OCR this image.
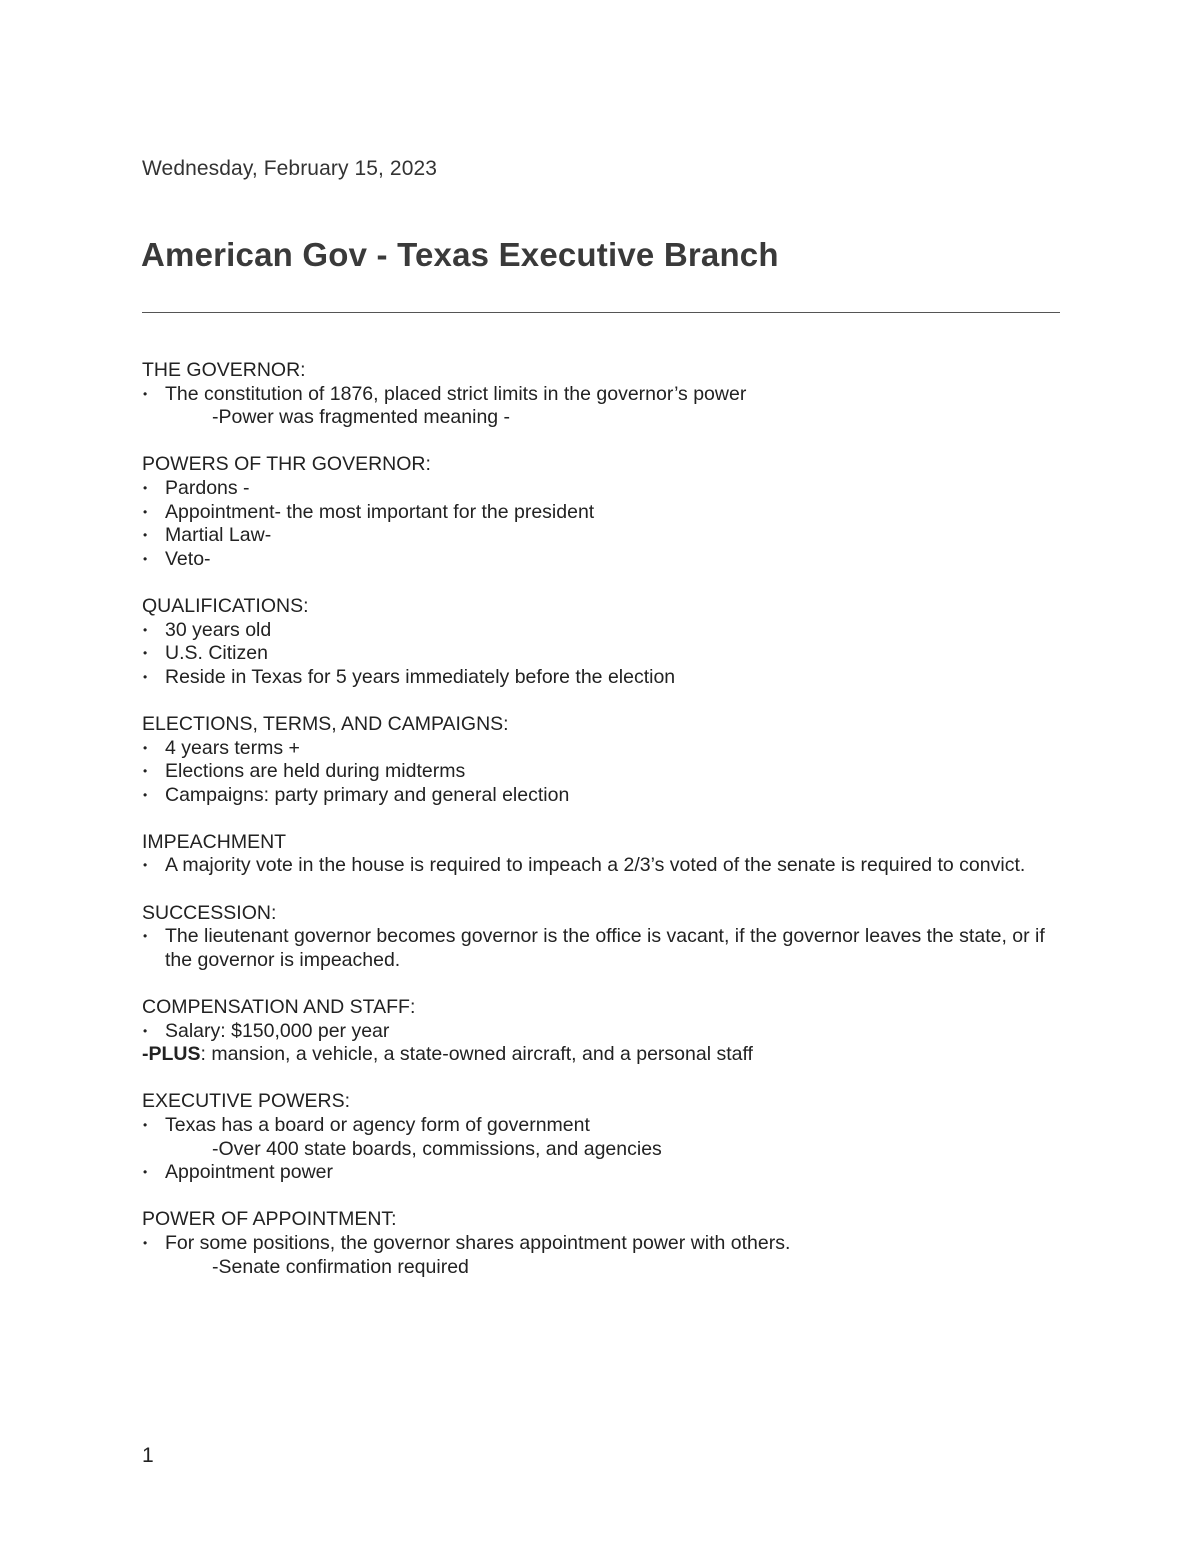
Wednesday, February 15, 2023
American Gov - Texas Executive Branch

THE GOVERNOR:

• The constitution of 1876, placed strict limits in the governor’s power
-Power was fragmented meaning -

POWERS OF THR GOVERNOR:

• Pardons -
• Appointment- the most important for the president
• Martial Law-
• Veto-

QUALIFICATIONS:

• 30 years old
• U.S. Citizen
• Reside in Texas for 5 years immediately before the election

ELECTIONS, TERMS, AND CAMPAIGNS:

• 4 years terms +
• Elections are held during midterms
• Campaigns: party primary and general election

IMPEACHMENT

• A majority vote in the house is required to impeach a 2/3’s voted of the senate is required to convict.

SUCCESSION:

• The lieutenant governor becomes governor is the office is vacant, if the governor leaves the state, or if the governor is impeached.

COMPENSATION AND STAFF:

• Salary: $150,000 per year

-PLUS: mansion, a vehicle, a state-owned aircraft, and a personal staff

EXECUTIVE POWERS:

• Texas has a board or agency form of government
-Over 400 state boards, commissions, and agencies
• Appointment power

POWER OF APPOINTMENT:

• For some positions, the governor shares appointment power with others.
-Senate confirmation required
1
